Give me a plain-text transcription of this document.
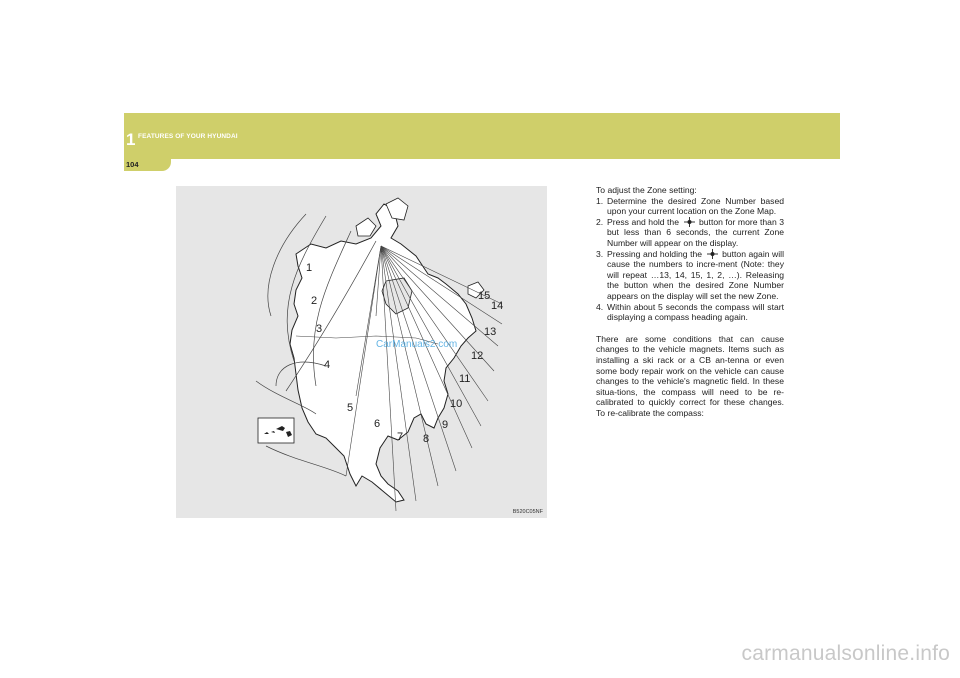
1 FEATURES OF YOUR HYUNDAI
104
1
2
3
4
5
6
7 8
9
10
11
12
13
14
15
CarManuals2.com
B520C05NF

To adjust the Zone setting:

1. Determine the desired Zone Number based upon your current location on the Zone Map.
2. Press and hold the button for more than 3 but less than 6 seconds, the current Zone Number will appear on the display.
3. Pressing and holding the button again will cause the numbers to incre-ment (Note: they will repeat …13, 14, 15, 1, 2, …). Releasing the button when the desired Zone Number appears on the display will set the new Zone.
4. Within about 5 seconds the compass will start displaying a compass heading again.

There are some conditions that can cause changes to the vehicle magnets. Items such as installing a ski rack or a CB an-tenna or even some body repair work on the vehicle can cause changes to the vehicle's magnetic field. In these situa-tions, the compass will need to be re-calibrated to quickly correct for these changes. To re-calibrate the compass:

carmanualsonline.info
